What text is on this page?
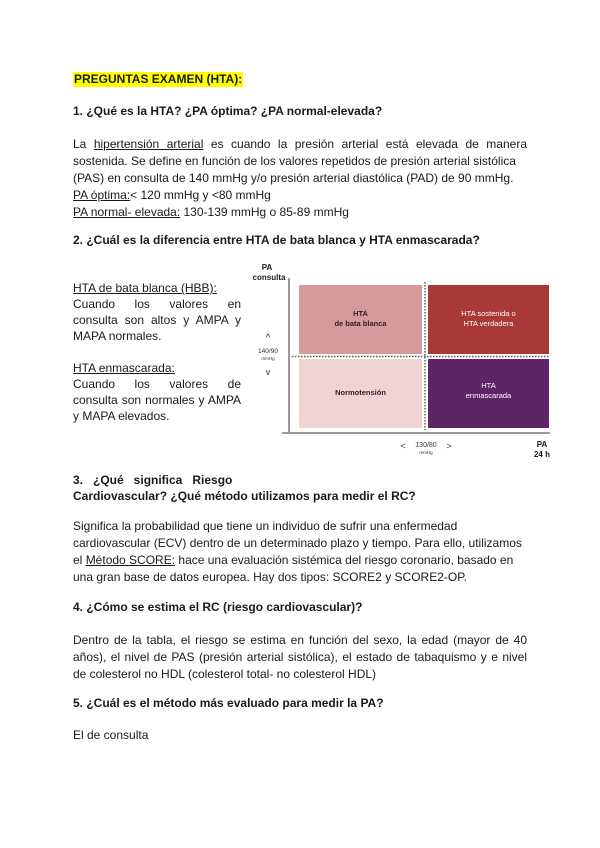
PREGUNTAS EXAMEN (HTA):
1. ¿Qué es la HTA? ¿PA óptima? ¿PA normal-elevada?
La hipertensión arterial es cuando la presión arterial está elevada de manera
sostenida. Se define en función de los valores repetidos de presión arterial sistólica
(PAS) en consulta de 140 mmHg y/o presión arterial diastólica (PAD) de 90 mmHg.
PA óptima:< 120 mmHg y <80 mmHg
PA normal- elevada: 130-139 mmHg o 85-89 mmHg
2. ¿Cuál es la diferencia entre HTA de bata blanca y HTA enmascarada?
HTA de bata blanca (HBB):
Cuando los valores en
consulta son altos y AMPA y
MAPA normales.
HTA enmascarada:
Cuando los valores de
consulta son normales y AMPA
y MAPA elevados.
PA
consulta
HTA
de bata blanca
HTA sostenida o
HTA verdadera
Normotensión
HTA
enmascarada
^
140/90
mmHg
v
< 130/80
mmHg
>	PA
24 h
3.   ¿Qué   significa   Riesgo
Cardiovascular? ¿Qué método utilizamos para medir el RC?
Significa la probabilidad que tiene un individuo de sufrir una enfermedad
cardiovascular (ECV) dentro de un determinado plazo y tiempo. Para ello, utilizamos
el Método SCORE: hace una evaluación sistémica del riesgo coronario, basado en
una gran base de datos europea. Hay dos tipos: SCORE2 y SCORE2-OP.
4. ¿Cómo se estima el RC (riesgo cardiovascular)?
Dentro de la tabla, el riesgo se estima en función del sexo, la edad (mayor de 40
años), el nivel de PAS (presión arterial sistólica), el estado de tabaquismo y e nivel
de colesterol no HDL (colesterol total- no colesterol HDL)
5. ¿Cuál es el método más evaluado para medir la PA?
El de consulta
